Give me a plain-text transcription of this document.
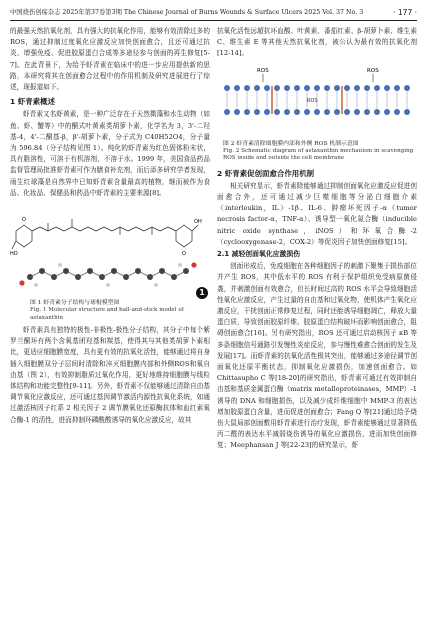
中国烧伤创疡杂志 2025年第37卷第3期 The Chinese Journal of Burns Wounds & Surface Ulcers 2025 Vol. 37 No. 3	· 177 ·

的最强天然抗氧化剂，具有强大的抗氧化作用，能够有效清除过多的ROS，通过抑制过度氧化应激反应加快创面愈合，且还可通过抗炎、增强免疫、促进胶原蛋白合成等多途径参与创面的再生修复[5-7]。在此背景下，为给予虾青素在临床中的进一步应用提供新的思路，本研究将其在创面愈合过程中的作用机制及研究进展进行了综述，现报道如下。

1 虾青素概述

虾青素又名虾黄素，是一种广泛存在于天然微藻和水生动物（如鱼、虾、蟹等）中的酮式叶黄素类胡萝卜素，化学名为 3，3'-二羟基-4，4'-二酮基-β，β'-胡萝卜素，分子式为 C40H52O4，分子量为 596.84（分子结构见图 1）。纯化的虾青素为红色固体粉末状，具有脂溶性，可溶于有机溶剂，不溶于水。1999 年，美国食品药品监督管理局批准虾青素可作为膳食补充剂，而后添多研究学者发现，雨生红球藻是自然界中已知虾青素含量最高的植物，继而被作为食品、化妆品、保健品和药品中虾青素的主要来源[8]。

HO
OH
O
O
1
图 1 虾青素分子结构与球棍模型图
Fig. 1 Molecular structure and ball-and-stick model of astaxanthin

虾青素具有独特的极性-非极性-极性分子结构，其分子中每个紫罗兰酮环有两个含氧基团羟基和羰基，使得其与其他类胡萝卜素相比，更适应细胞膜宽度，具有更有效的抗氧化活性，能够通过将自身插入细胞膜双分子层间时清除和淬灭细胞膜内部和外侧ROS和氧自由基（图 2），有效抑制脂质过氧化作用，更好地维持细胞膜与线粒体结构和功能完整性[9-11]。另外，虾青素不仅能够通过清除自由基调节氧化应激反应，还可通过基因调节激活内源性抗氧化系统，如通过激活核因子红系 2 相关因子 2 调节膜氧化还原酶抗体和血红素氧合酶-1 的活性，进而抑制环磷酰酸诱导的氧化应激反应，故其

抗氧化活性远超抗坏血酸、叶黄素、番茄红素、β-胡萝卜素、维生素 C、维生素 E 等其他天然抗氧化剂，被公认为最有效的抗氧化剂[12-14]。

ROS	ROS
ROS
图 2 虾青素清除细胞膜内部和外侧 ROS 机制示意图
Fig. 2 Schematic diagram of astaxanthin mechanism in scavenging ROS inside and outside the cell membrane
2 虾青素促创面愈合作用机制

相关研究显示，虾青素除能够通过抑制创面氧化应激反应促进创面愈合外，还可通过减少巨噬细胞等分泌白细胞介素（interleukin，IL）-1β、IL-6、肿瘤坏死因子-α（tumor necrosis factor-α，TNF-α）、诱导型一氧化氮合酶（inducible nitric oxide synthase，iNOS）和环氧合酶-2（cyclooxygenase-2，COX-2）等促炎因子加快创面修复[15]。

2.1 减轻创面氧化应激损伤

创面形成后，免疫细胞在各种细胞因子的刺激下聚集于损伤部位并产生 ROS，其中低水平的 ROS 有利于保护组织免受病原菌侵袭，并刺激创面有效愈合，但长时间过高的 ROS 水平会导致细胞活性氧化应激反应，产生过量的自由基和过氧化物，使机体产生氧化应激反应，干扰创面正常修复过程，同时还能诱导细胞凋亡，释放大量蛋白质，导致创面胶原纤维、胶原蛋白结构破坏而影响创面愈合，阻碍创面愈合[16]。另有研究指出，ROS 还可通过启动核因子 κB 等多条细胞信号通路引发慢性炎症反应，参与慢性难愈合创面的发生及发展[17]。而虾青素的抗氧化活性极其突出，能够通过多途径调节创面氧化还原平衡状态，抑制氧化应激损伤，加速创面愈合。如 Chittasupho C 等[18-20]的研究指出，虾青素可通过有效抑制自由基和基质金属蛋白酶（matrix metalloproteinases，MMP）-1 诱导的 DNA 和细胞损伤，以及减少成纤维细胞中 MMP-3 的表达增加胶原蛋白含量，进而促进创面愈合；Fang Q 等[21]通过给予烧伤大鼠局部创面敷用虾青素进行治疗发现，虾青素能够通过显著降低丙二醛的表达水平减弱烧伤诱导的氧化应激损伤，进而加快创面修复；Meephansan J 等[22-23]的研究显示，虾
